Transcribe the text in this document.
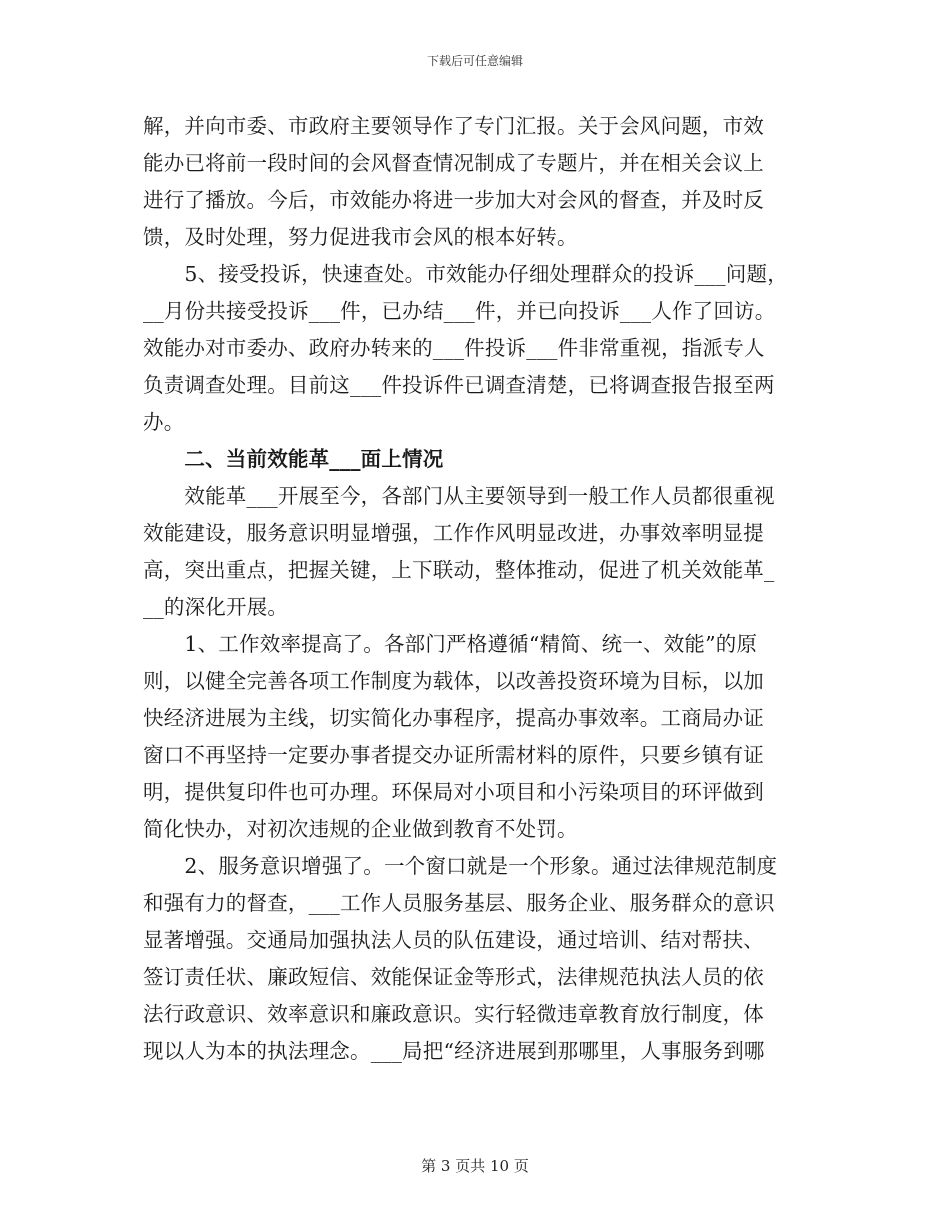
下载后可任意编辑
解，并向市委、市政府主要领导作了专门汇报。关于会风问题，市效
能办已将前一段时间的会风督查情况制成了专题片，并在相关会议上
进行了播放。今后，市效能办将进一步加大对会风的督查，并及时反
馈，及时处理，努力促进我市会风的根本好转。
　　5、接受投诉，快速查处。市效能办仔细处理群众的投诉___问题，
__月份共接受投诉___件，已办结___件，并已向投诉___人作了回访。
效能办对市委办、政府办转来的___件投诉___件非常重视，指派专人
负责调查处理。目前这___件投诉件已调查清楚，已将调查报告报至两
办。
　　二、当前效能革___面上情况
　　效能革___开展至今，各部门从主要领导到一般工作人员都很重视
效能建设，服务意识明显增强，工作作风明显改进，办事效率明显提
高，突出重点，把握关键，上下联动，整体推动，促进了机关效能革_
__的深化开展。
　　1、工作效率提高了。各部门严格遵循“精简、统一、效能”的原
则，以健全完善各项工作制度为载体，以改善投资环境为目标，以加
快经济进展为主线，切实简化办事程序，提高办事效率。工商局办证
窗口不再坚持一定要办事者提交办证所需材料的原件，只要乡镇有证
明，提供复印件也可办理。环保局对小项目和小污染项目的环评做到
简化快办，对初次违规的企业做到教育不处罚。
　　2、服务意识增强了。一个窗口就是一个形象。通过法律规范制度
和强有力的督查，___工作人员服务基层、服务企业、服务群众的意识
显著增强。交通局加强执法人员的队伍建设，通过培训、结对帮扶、
签订责任状、廉政短信、效能保证金等形式，法律规范执法人员的依
法行政意识、效率意识和廉政意识。实行轻微违章教育放行制度，体
现以人为本的执法理念。___局把“经济进展到那哪里，人事服务到哪
第 3 页共 10 页
